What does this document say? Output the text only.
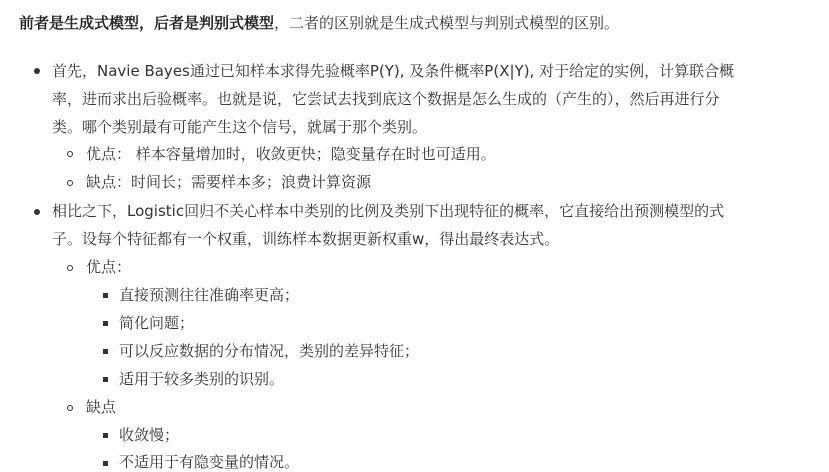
前者是生成式模型，后者是判别式模型，二者的区别就是生成式模型与判别式模型的区别。
首先，Navie Bayes通过已知样本求得先验概率P(Y), 及条件概率P(X|Y), 对于给定的实例，计算联合概
率，进而求出后验概率。也就是说，它尝试去找到底这个数据是怎么生成的（产生的），然后再进行分
类。哪个类别最有可能产生这个信号，就属于那个类别。
优点： 样本容量增加时，收敛更快；隐变量存在时也可适用。
缺点：时间长；需要样本多；浪费计算资源
相比之下，Logistic回归不关心样本中类别的比例及类别下出现特征的概率，它直接给出预测模型的式
子。设每个特征都有一个权重，训练样本数据更新权重w，得出最终表达式。
优点：
直接预测往往准确率更高；
简化问题；
可以反应数据的分布情况，类别的差异特征；
适用于较多类别的识别。
缺点
收敛慢；
不适用于有隐变量的情况。
